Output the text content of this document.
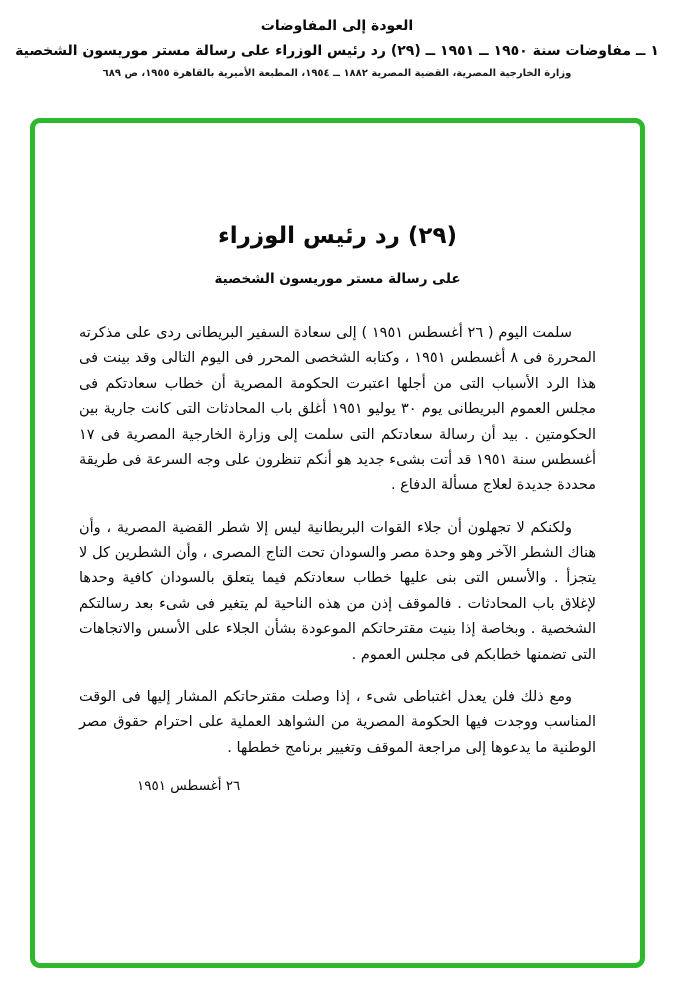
العودة إلى المفاوضات
١ ــ مفاوضات سنة ١٩٥٠ ــ ١٩٥١ ــ (٢٩) رد رئيس الوزراء على رسالة مستر موريسون الشخصية
وزارة الخارجية المصرية، القضية المصرية ١٨٨٢ ــ ١٩٥٤، المطبعة الأميرية بالقاهرة ١٩٥٥، ص ٦٨٩
(٢٩) رد رئيس الوزراء
على رسالة مستر موريسون الشخصية

سلمت اليوم ( ٢٦ أغسطس ١٩٥١ ) إلى سعادة السفير البريطانى ردى على مذكرته المحررة فى ٨ أغسطس ١٩٥١ ، وكتابه الشخصى المحرر فى اليوم التالى وقد بينت فى هذا الرد الأسباب التى من أجلها اعتبرت الحكومة المصرية أن خطاب سعادتكم فى مجلس العموم البريطانى يوم ٣٠ يوليو ١٩٥١ أغلق باب المحادثات التى كانت جارية بين الحكومتين . بيد أن رسالة سعادتكم التى سلمت إلى وزارة الخارجية المصرية فى ١٧ أغسطس سنة ١٩٥١ قد أتت بشىء جديد هو أنكم تنظرون على وجه السرعة فى طريقة محددة جديدة لعلاج مسألة الدفاع .

ولكنكم لا تجهلون أن جلاء القوات البريطانية ليس إلا شطر القضية المصرية ، وأن هناك الشطر الآخر وهو وحدة مصر والسودان تحت التاج المصرى ، وأن الشطرين كل لا يتجزأ . والأسس التى بنى عليها خطاب سعادتكم فيما يتعلق بالسودان كافية وحدها لإغلاق باب المحادثات . فالموقف إذن من هذه الناحية لم يتغير فى شىء بعد رسالتكم الشخصية . وبخاصة إذا بنيت مقترحاتكم الموعودة بشأن الجلاء على الأسس والاتجاهات التى تضمنها خطابكم فى مجلس العموم .

ومع ذلك فلن يعدل اغتباطى شىء ، إذا وصلت مقترحاتكم المشار إليها فى الوقت المناسب ووجدت فيها الحكومة المصرية من الشواهد العملية على احترام حقوق مصر الوطنية ما يدعوها إلى مراجعة الموقف وتغيير برنامج خططها .

٢٦ أغسطس ١٩٥١
